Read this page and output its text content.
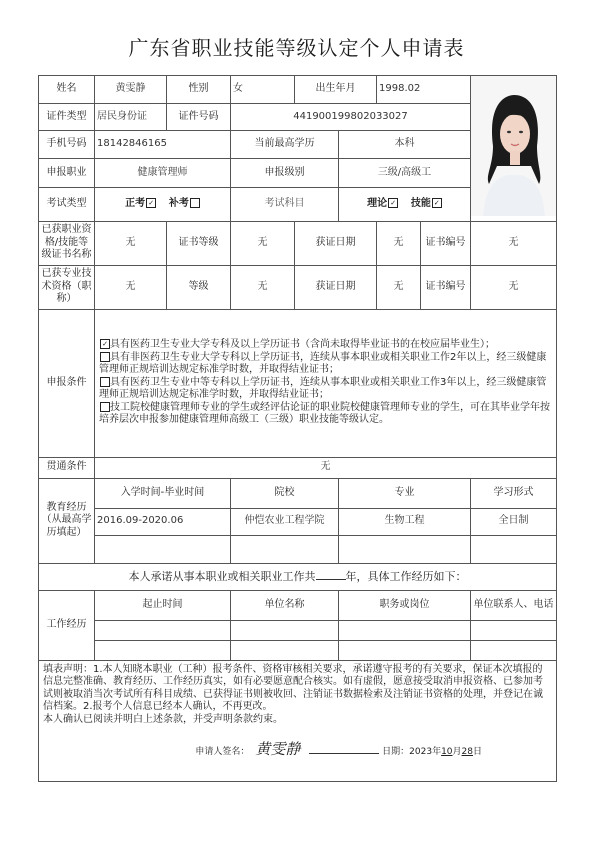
广东省职业技能等级认定个人申请表
姓名	黄雯静	性别	女	出生年月		1998.02	
证件类型	居民身份证	证件号码	441900199802033027					
手机号码	18142846165		当前最高学历		本科			
申报职业	健康管理师		申报级别		三级/高级工			
考试类型	正考 ✓ 补考		考试科目		理论 ✓ 技能 ✓			
已获职业资格/技能等级证书名称	无	证书等级	无	获证日期		无	证书编号	无
已获专业技术资格（职称）	无	等级	无	获证日期		无	证书编号	无
申报条件	✓ 具有医药卫生专业大学专科及以上学历证书（含尚未取得毕业证书的在校应届毕业生）；

具有非医药卫生专业大学专科以上学历证书，连续从事本职业或相关职业工作2年以上，经三级健康管理师正规培训达规定标准学时数，并取得结业证书；

具有医药卫生专业中等专科以上学历证书，连续从事本职业或相关职业工作3年以上，经三级健康管理师正规培训达规定标准学时数，并取得结业证书；

技工院校健康管理师专业的学生或经评估论证的职业院校健康管理师专业的学生，可在其毕业学年按培养层次申报参加健康管理师高级工（三级）职业技能等级认定。							

贯通条件	无							
教育经历（从最高学历填起）	入学时间-毕业时间		院校		专业			学习形式
	2016.09-2020.06		仲恺农业工程学院		生物工程			全日制

本人承诺从事本职业或相关职业工作共 年，具体工作经历如下：								
工作经历	起止时间		单位名称		职务或岗位			单位联系人、电话

填表声明：1.本人知晓本职业（工种）报考条件、资格审核相关要求，承诺遵守报考的有关要求，保证本次填报的信息完整准确、教育经历、工作经历真实，如有必要愿意配合核实。如有虚假，愿意接受取消申报资格、已参加考试则被取消当次考试所有科目成绩、已获得证书则被收回、注销证书数据检索及注销证书资格的处理，并登记在诚信档案。2.报考个人信息已经本人确认，不再更改。

本人确认已阅读并明白上述条款，并受声明条款约束。

申请人签名： 黄雯静 日期：2023年10月28日								
